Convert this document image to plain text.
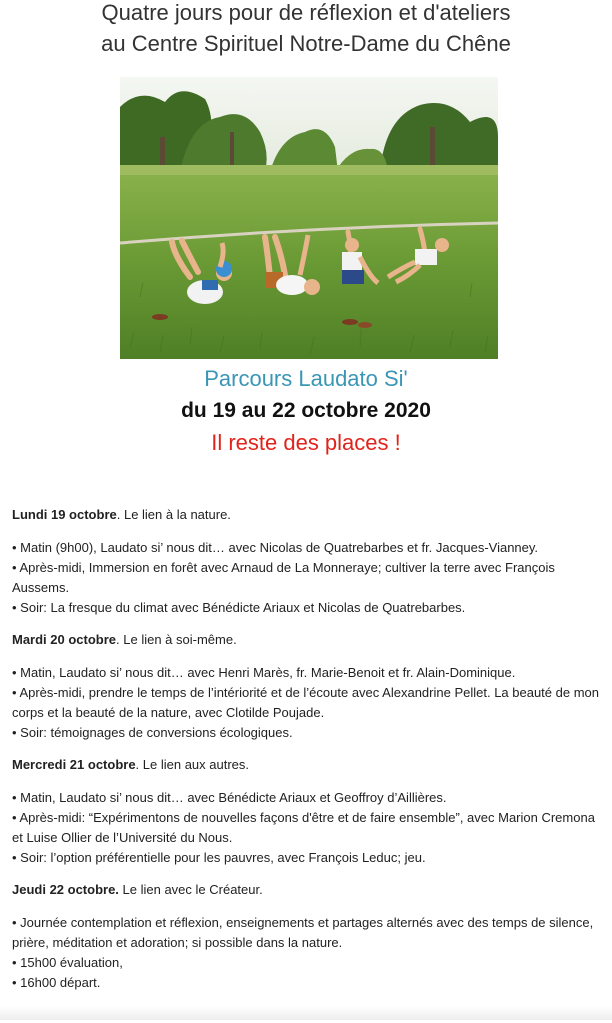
Quatre jours pour de réflexion et d'ateliers
au Centre Spirituel Notre-Dame du Chêne
Parcours Laudato Si'
du 19 au 22 octobre 2020
Il reste des places !
Lundi 19 octobre. Le lien à la nature.
• Matin (9h00), Laudato si’ nous dit… avec Nicolas de Quatrebarbes et fr. Jacques-Vianney.
• Après-midi, Immersion en forêt avec Arnaud de La Monneraye; cultiver la terre avec François Aussems.
• Soir: La fresque du climat avec Bénédicte Ariaux et Nicolas de Quatrebarbes.
Mardi 20 octobre. Le lien à soi-même.
• Matin, Laudato si’ nous dit… avec Henri Marès, fr. Marie-Benoit et fr. Alain-Dominique.
• Après-midi, prendre le temps de l’intériorité et de l’écoute avec Alexandrine Pellet. La beauté de mon corps et la beauté de la nature, avec Clotilde Poujade.
• Soir: témoignages de conversions écologiques.
Mercredi 21 octobre. Le lien aux autres.
• Matin, Laudato si’ nous dit… avec Bénédicte Ariaux et Geoffroy d’Aillières.
• Après-midi: “Expérimentons de nouvelles façons d'être et de faire ensemble”, avec Marion Cremona et Luise Ollier de l’Université du Nous.
• Soir: l’option préférentielle pour les pauvres, avec François Leduc; jeu.
Jeudi 22 octobre. Le lien avec le Créateur.
• Journée contemplation et réflexion, enseignements et partages alternés avec des temps de silence, prière, méditation et adoration; si possible dans la nature.
• 15h00 évaluation,
• 16h00 départ.
